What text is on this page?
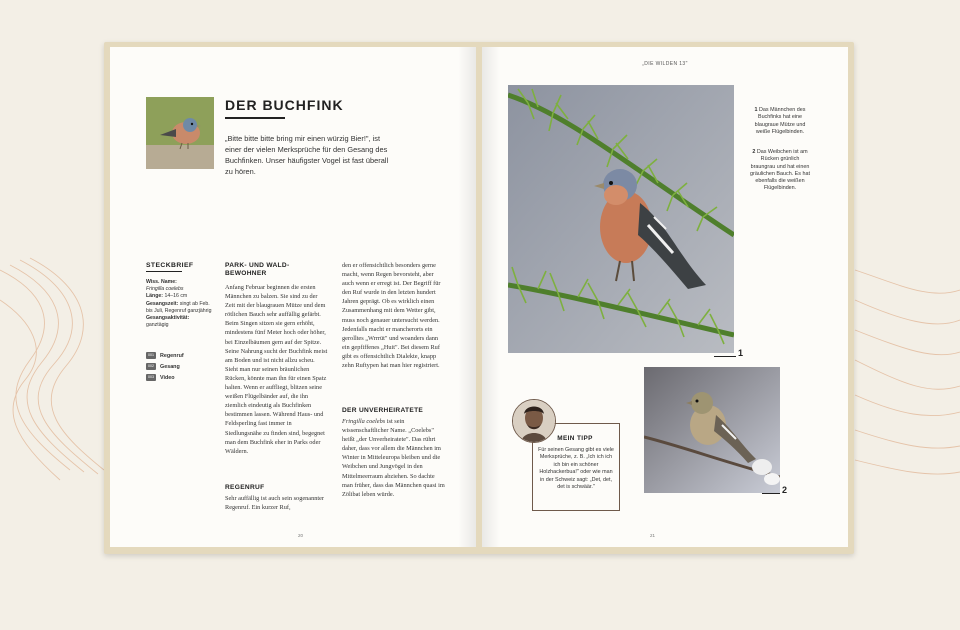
DER BUCHFINK
„Bitte bitte bitte bring mir einen würzig Bier!", ist einer der vielen Merksprüche für den Gesang des Buchfinken. Unser häufigster Vogel ist fast überall zu hören.
STECKBRIEF
Wiss. Name:
Fringilla coelebs
Länge: 14–16 cm
Gesangszeit: singt ab Feb. bis Juli, Regenruf ganzjährig
Gesangsaktivität: ganztägig
001	Regenruf
002	Gesang
003	Video
PARK- UND WALD-BEWOHNER
Anfang Februar beginnen die ersten Männchen zu balzen. Sie sind zu der Zeit mit der blaugrauen Mütze und dem rötlichen Bauch sehr auffällig gefärbt. Beim Singen sitzen sie gern erhöht, mindestens fünf Meter hoch oder höher, bei Einzelbäumen gern auf der Spitze. Seine Nahrung sucht der Buchfink meist am Boden und ist nicht allzu scheu. Sieht man nur seinen bräunlichen Rücken, könnte man ihn für einen Spatz halten. Wenn er auffliegt, blitzen seine weißen Flügelbänder auf, die ihn ziemlich eindeutig als Buchfinken bestimmen lassen. Während Haus- und Feldsperling fast immer in Siedlungsnähe zu finden sind, begegnet man dem Buchfink eher in Parks oder Wäldern.
REGENRUF
Sehr auffällig ist auch sein sogenannter Regenruf. Ein kurzer Ruf,
den er offensichtlich besonders gerne macht, wenn Regen bevorsteht, aber auch wenn er erregt ist. Der Begriff für den Ruf wurde in den letzten hundert Jahren geprägt. Ob es wirklich einen Zusammenhang mit dem Wetter gibt, muss noch genauer untersucht werden. Jedenfalls macht er mancherorts ein gerolltes „Wrrrüt" und woanders dann ein gepfiffenes „Huit". Bei diesem Ruf gibt es offensichtlich Dialekte, knapp zehn Ruftypen hat man hier registriert.
DER UNVERHEIRATETE
Fringilla coelebs ist sein wissenschaftlicher Name. „Coelebs" heißt „der Unverheiratete". Das rührt daher, dass vor allem die Männchen im Winter in Mitteleuropa bleiben und die Weibchen und Jungvögel in den Mittelmeerraum abziehen. So dachte man früher, dass das Männchen quasi im Zölibat leben würde.
20
„DIE WILDEN 13"
1
2
1 Das Männchen des Buchfinks hat eine blaugraue Mütze und weiße Flügelbinden.
2 Das Weibchen ist am Rücken grünlich braungrau und hat einen gräulichen Bauch. Es hat ebenfalls die weißen Flügelbinden.
MEIN TIPP
Für seinen Gesang gibt es viele Merksprüche, z. B. „Ich ich ich ich bin ein schöner Holzhackerbua!" oder wie man in der Schweiz sagt: „Det, det, det is schwäär."
21
